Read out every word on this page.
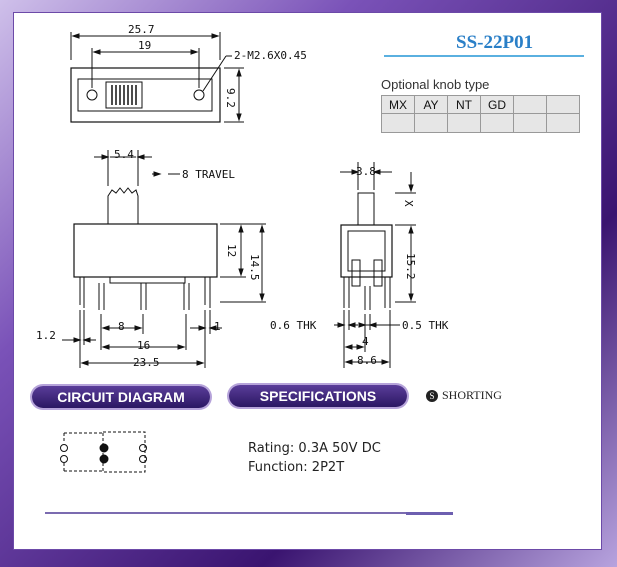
SS-22P01
Optional knob type
MX	AY	NT	GD		

25.7
19
2-M2.6X0.45
9.2
5.4
8 TRAVEL
12
14.5
1.2
8
16
1
23.5
3.8
X
15.2
0.6 THK	0.5 THK
4
8.6
CIRCUIT DIAGRAM	SPECIFICATIONS	S SHORTING
Rating: 0.3A 50V DC
Function: 2P2T
